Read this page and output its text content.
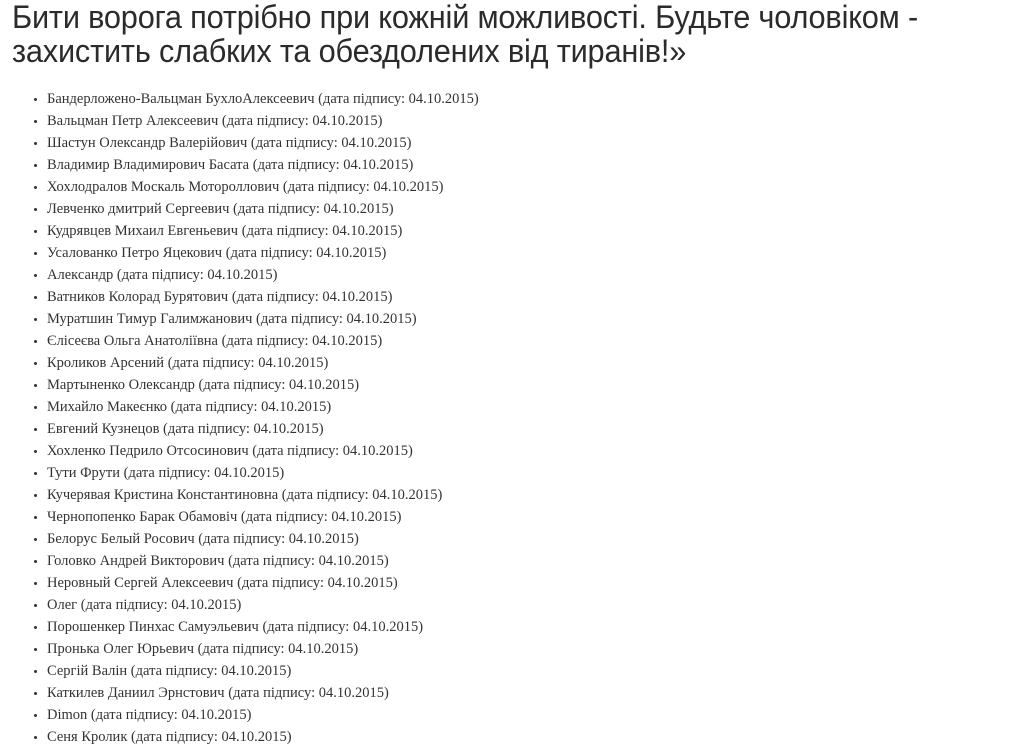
Бити ворога потрібно при кожній можливості. Будьте чоловіком -
захистить слабких та обездолених від тиранів!»
• Бандерложено-Вальцман БухлоАлексеевич (дата підпису: 04.10.2015)
• Вальцман Петр Алексеевич (дата підпису: 04.10.2015)
• Шастун Олександр Валерійович (дата підпису: 04.10.2015)
• Владимир Владимирович Басата (дата підпису: 04.10.2015)
• Хохлодралов Москаль Мотороллович (дата підпису: 04.10.2015)
• Левченко дмитрий Сергеевич (дата підпису: 04.10.2015)
• Кудрявцев Михаил Евгеньевич (дата підпису: 04.10.2015)
• Усалованко Петро Яцекович (дата підпису: 04.10.2015)
• Александр (дата підпису: 04.10.2015)
• Ватников Колорад Бурятович (дата підпису: 04.10.2015)
• Муратшин Тимур Галимжанович (дата підпису: 04.10.2015)
• Єлісеєва Ольга Анатоліївна (дата підпису: 04.10.2015)
• Кроликов Арсений (дата підпису: 04.10.2015)
• Мартыненко Олександр (дата підпису: 04.10.2015)
• Михайло Макеєнко (дата підпису: 04.10.2015)
• Евгений Кузнецов (дата підпису: 04.10.2015)
• Хохленко Педрило Отсосинович (дата підпису: 04.10.2015)
• Тути Фрути (дата підпису: 04.10.2015)
• Кучерявая Кристина Константиновна (дата підпису: 04.10.2015)
• Чернопопенко Барак Обамовіч (дата підпису: 04.10.2015)
• Белорус Белый Росович (дата підпису: 04.10.2015)
• Головко Андрей Викторович (дата підпису: 04.10.2015)
• Неровный Сергей Алексеевич (дата підпису: 04.10.2015)
• Олег (дата підпису: 04.10.2015)
• Порошенкер Пинхас Самуэльевич (дата підпису: 04.10.2015)
• Пронька Олег Юрьевич (дата підпису: 04.10.2015)
• Сергій Валін (дата підпису: 04.10.2015)
• Каткилев Даниил Эрнстович (дата підпису: 04.10.2015)
• Dimon (дата підпису: 04.10.2015)
• Сеня Кролик (дата підпису: 04.10.2015)
